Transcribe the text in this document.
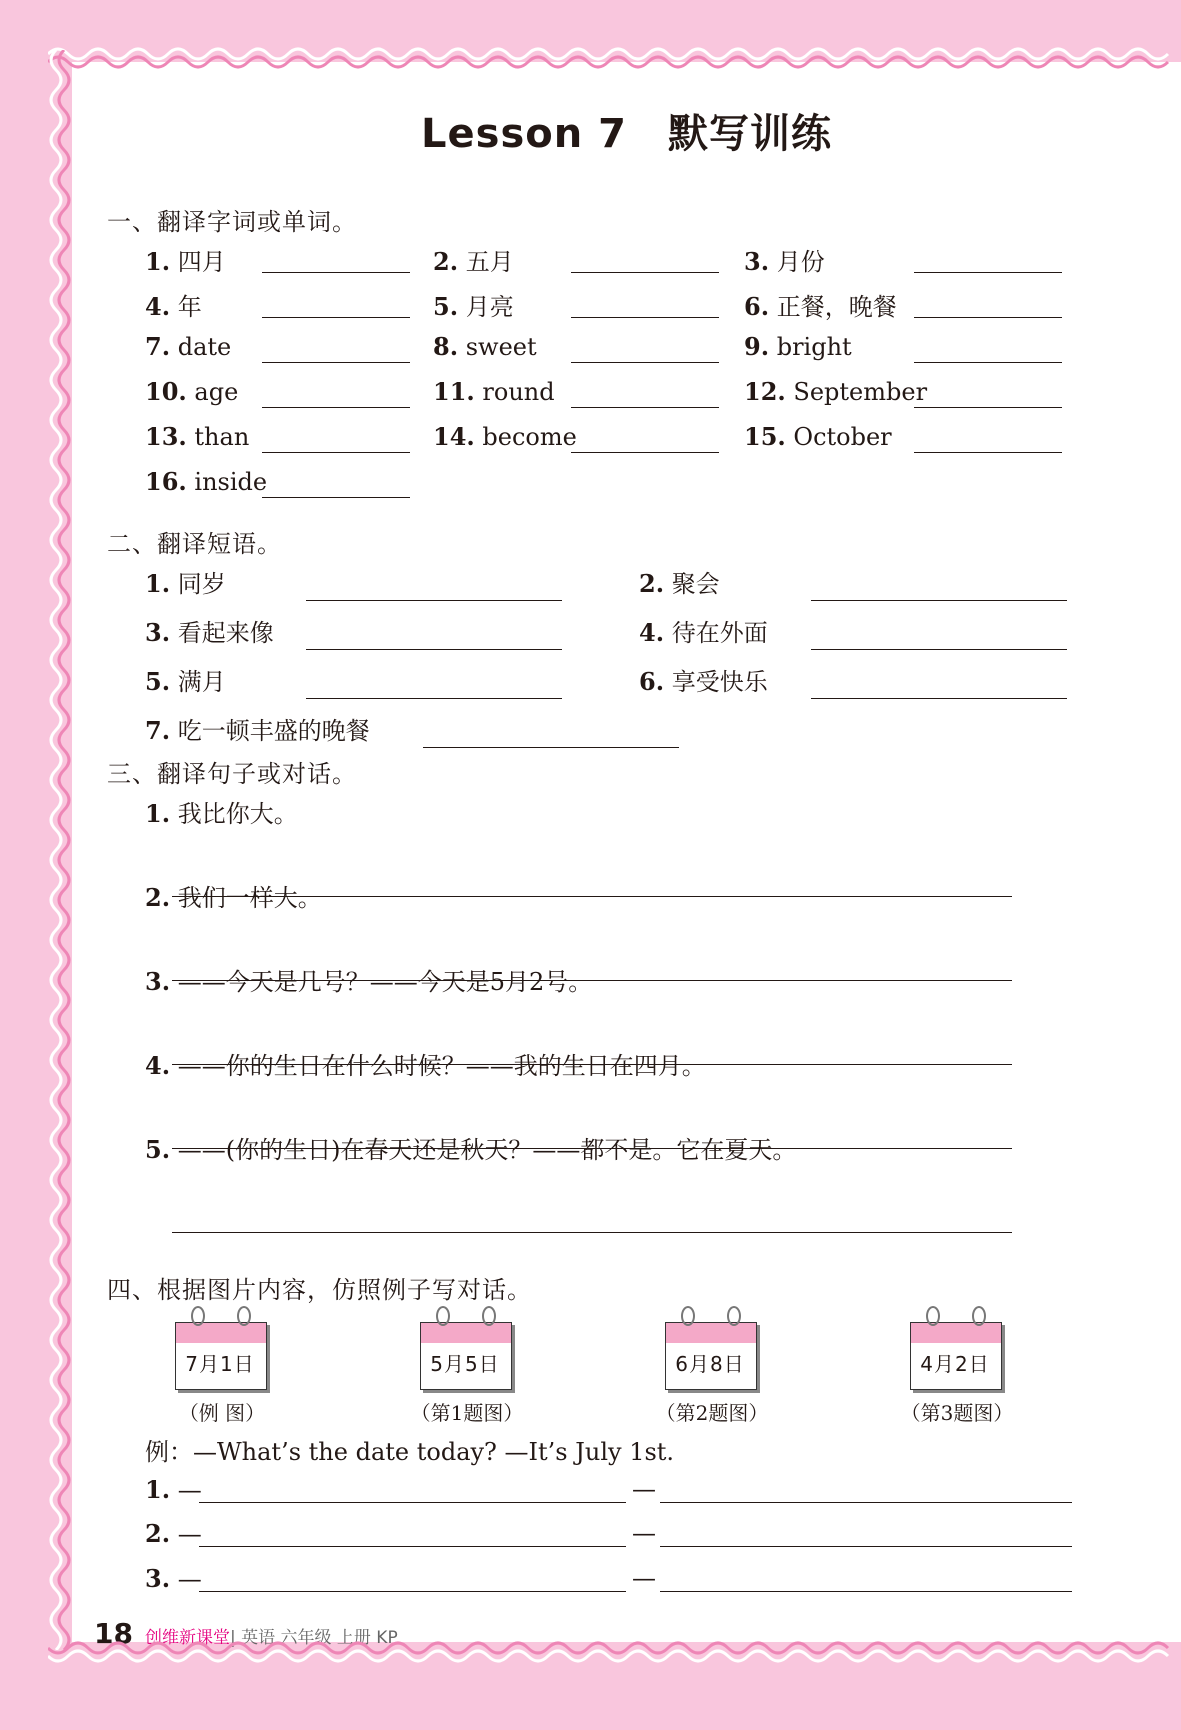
Lesson 7　默写训练
一、翻译字词或单词。
1. 四月	2. 五月	3. 月份
4. 年	5. 月亮	6. 正餐，晚餐
7. date	8. sweet	9. bright
10. age	11. round	12. September
13. than	14. become	15. October
16. inside
二、翻译短语。
1. 同岁	2. 聚会
3. 看起来像	4. 待在外面
5. 满月	6. 享受快乐
7. 吃一顿丰盛的晚餐
三、翻译句子或对话。
1. 我比你大。
2. 我们一样大。
3. ——今天是几号？——今天是5月2号。
4. ——你的生日在什么时候？——我的生日在四月。
5. ——(你的生日)在春天还是秋天？——都不是。它在夏天。
四、根据图片内容，仿照例子写对话。
7月1日
（例 图）
5月5日
（第1题图）
6月8日
（第2题图）
4月2日
（第3题图）
例：—What’s the date today? —It’s July 1st.
1. —	—
2. —	—
3. —	—
18 创维新课堂| 英语 六年级 上册 KP
